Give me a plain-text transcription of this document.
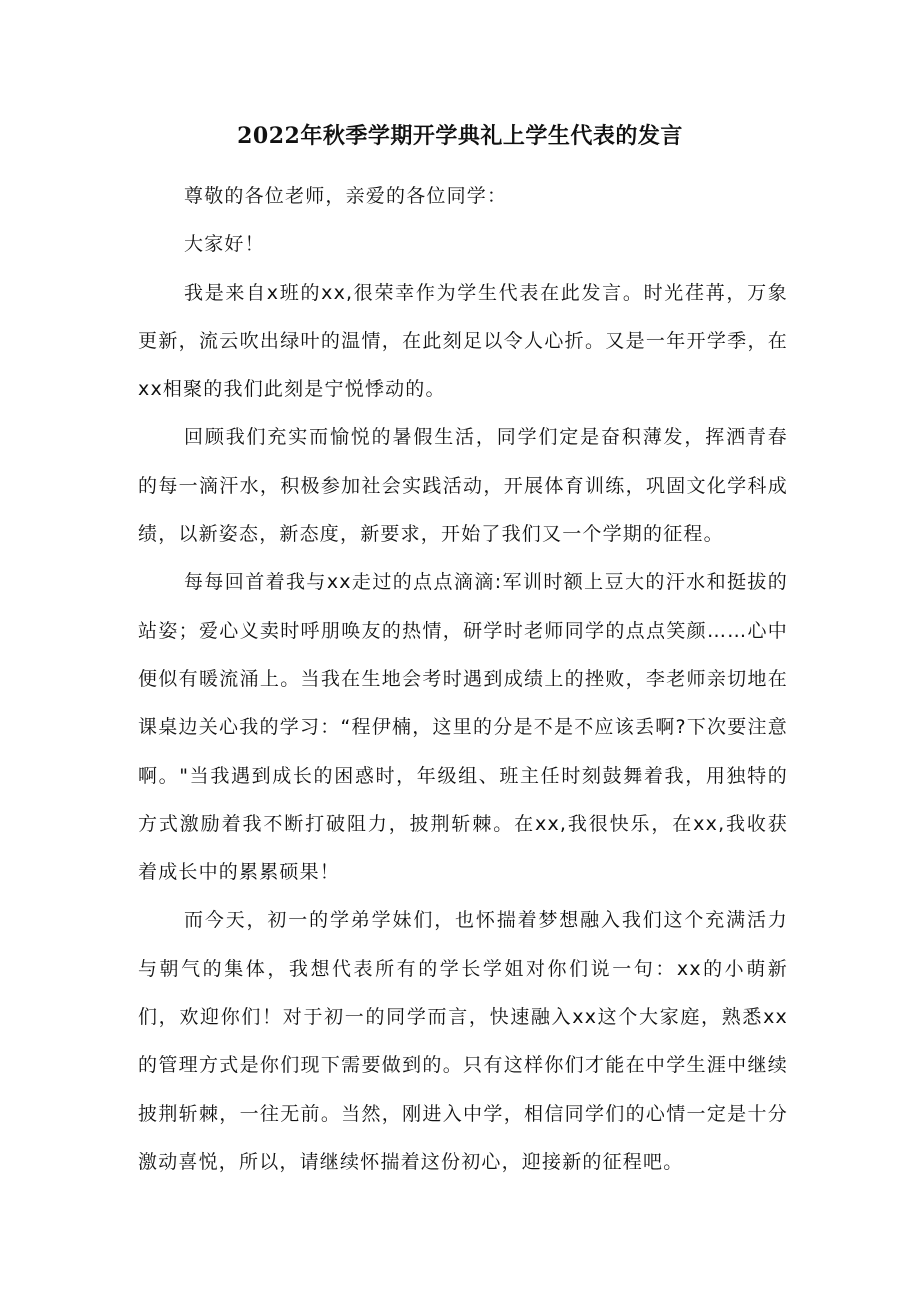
2022年秋季学期开学典礼上学生代表的发言

尊敬的各位老师，亲爱的各位同学：

大家好！

我是来自x班的xx,很荣幸作为学生代表在此发言。时光荏苒，万象更新，流云吹出绿叶的温情，在此刻足以令人心折。又是一年开学季，在xx相聚的我们此刻是宁悦悸动的。

回顾我们充实而愉悦的暑假生活，同学们定是奋积薄发，挥洒青春的每一滴汗水，积极参加社会实践活动，开展体育训练，巩固文化学科成绩，以新姿态，新态度，新要求，开始了我们又一个学期的征程。

每每回首着我与xx走过的点点滴滴:军训时额上豆大的汗水和挺拔的站姿；爱心义卖时呼朋唤友的热情，研学时老师同学的点点笑颜……心中便似有暖流涌上。当我在生地会考时遇到成绩上的挫败，李老师亲切地在课桌边关心我的学习：“程伊楠，这里的分是不是不应该丢啊?下次要注意啊。"当我遇到成长的困惑时，年级组、班主任时刻鼓舞着我，用独特的方式激励着我不断打破阻力，披荆斩棘。在xx,我很快乐，在xx,我收获着成长中的累累硕果！

而今天，初一的学弟学妹们，也怀揣着梦想融入我们这个充满活力与朝气的集体，我想代表所有的学长学姐对你们说一句：xx的小萌新们，欢迎你们！对于初一的同学而言，快速融入xx这个大家庭，熟悉xx的管理方式是你们现下需要做到的。只有这样你们才能在中学生涯中继续披荆斩棘，一往无前。当然，刚进入中学，相信同学们的心情一定是十分激动喜悦，所以，请继续怀揣着这份初心，迎接新的征程吧。
